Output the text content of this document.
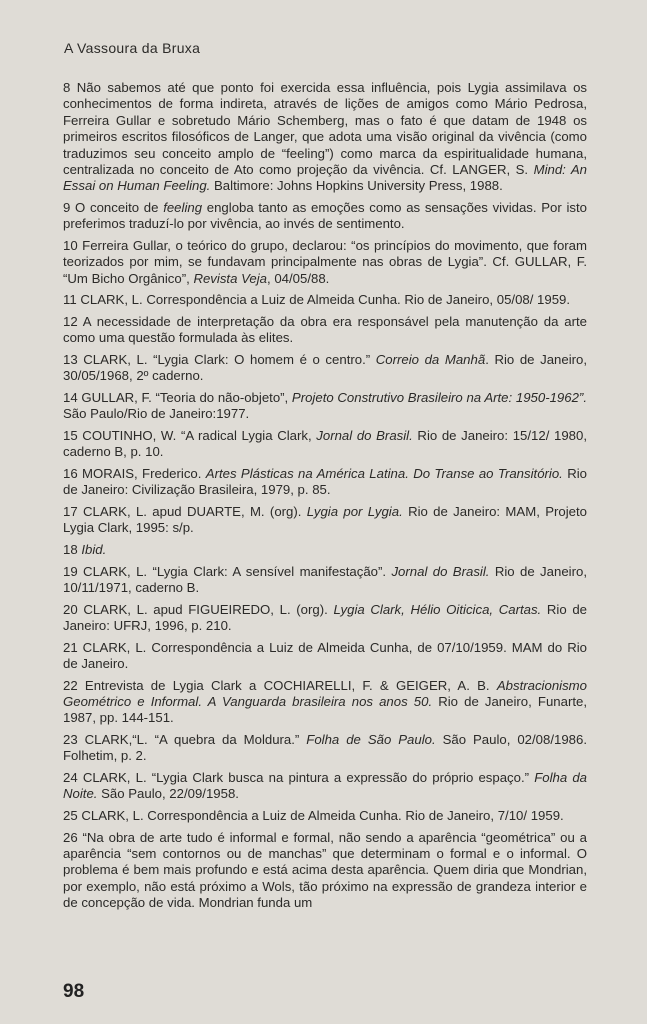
A Vassoura da Bruxa

8 Não sabemos até que ponto foi exercida essa influência, pois Lygia assimilava os conhecimentos de forma indireta, através de lições de amigos como Mário Pedrosa, Ferreira Gullar e sobretudo Mário Schemberg, mas o fato é que datam de 1948 os primeiros escritos filosóficos de Langer, que adota uma visão original da vivência (como traduzimos seu conceito amplo de “feeling”) como marca da espiritualidade humana, centralizada no conceito de Ato como projeção da vivência. Cf. LANGER, S. Mind: An Essai on Human Feeling. Baltimore: Johns Hopkins University Press, 1988.

9 O conceito de feeling engloba tanto as emoções como as sensações vividas. Por isto preferimos traduzí-lo por vivência, ao invés de sentimento.

10 Ferreira Gullar, o teórico do grupo, declarou: “os princípios do movimento, que foram teorizados por mim, se fundavam principalmente nas obras de Lygia”. Cf. GULLAR, F. “Um Bicho Orgânico”, Revista Veja, 04/05/88.

11 CLARK, L. Correspondência a Luiz de Almeida Cunha. Rio de Janeiro, 05/08/ 1959.

12 A necessidade de interpretação da obra era responsável pela manutenção da arte como uma questão formulada às elites.

13 CLARK, L. “Lygia Clark: O homem é o centro.” Correio da Manhã. Rio de Janeiro, 30/05/1968, 2º caderno.

14 GULLAR, F. “Teoria do não-objeto”, Projeto Construtivo Brasileiro na Arte: 1950-1962”. São Paulo/Rio de Janeiro:1977.

15 COUTINHO, W. “A radical Lygia Clark, Jornal do Brasil. Rio de Janeiro: 15/12/ 1980, caderno B, p. 10.

16 MORAIS, Frederico. Artes Plásticas na América Latina. Do Transe ao Transitório. Rio de Janeiro: Civilização Brasileira, 1979, p. 85.

17 CLARK, L. apud DUARTE, M. (org). Lygia por Lygia. Rio de Janeiro: MAM, Projeto Lygia Clark, 1995: s/p.

18 Ibid.

19 CLARK, L. “Lygia Clark: A sensível manifestação”. Jornal do Brasil. Rio de Janeiro, 10/11/1971, caderno B.

20 CLARK, L. apud FIGUEIREDO, L. (org). Lygia Clark, Hélio Oiticica, Cartas. Rio de Janeiro: UFRJ, 1996, p. 210.

21 CLARK, L. Correspondência a Luiz de Almeida Cunha, de 07/10/1959. MAM do Rio de Janeiro.

22 Entrevista de Lygia Clark a COCHIARELLI, F. & GEIGER, A. B. Abstracionismo Geométrico e Informal. A Vanguarda brasileira nos anos 50. Rio de Janeiro, Funarte, 1987, pp. 144-151.

23 CLARK,“L. “A quebra da Moldura.” Folha de São Paulo. São Paulo, 02/08/1986. Folhetim, p. 2.

24 CLARK, L. “Lygia Clark busca na pintura a expressão do próprio espaço.” Folha da Noite. São Paulo, 22/09/1958.

25 CLARK, L. Correspondência a Luiz de Almeida Cunha. Rio de Janeiro, 7/10/ 1959.

26 “Na obra de arte tudo é informal e formal, não sendo a aparência “geométrica” ou a aparência “sem contornos ou de manchas” que determinam o formal e o informal. O problema é bem mais profundo e está acima desta aparência. Quem diria que Mondrian, por exemplo, não está próximo a Wols, tão próximo na expressão de grandeza interior e de concepção de vida. Mondrian funda um

98
